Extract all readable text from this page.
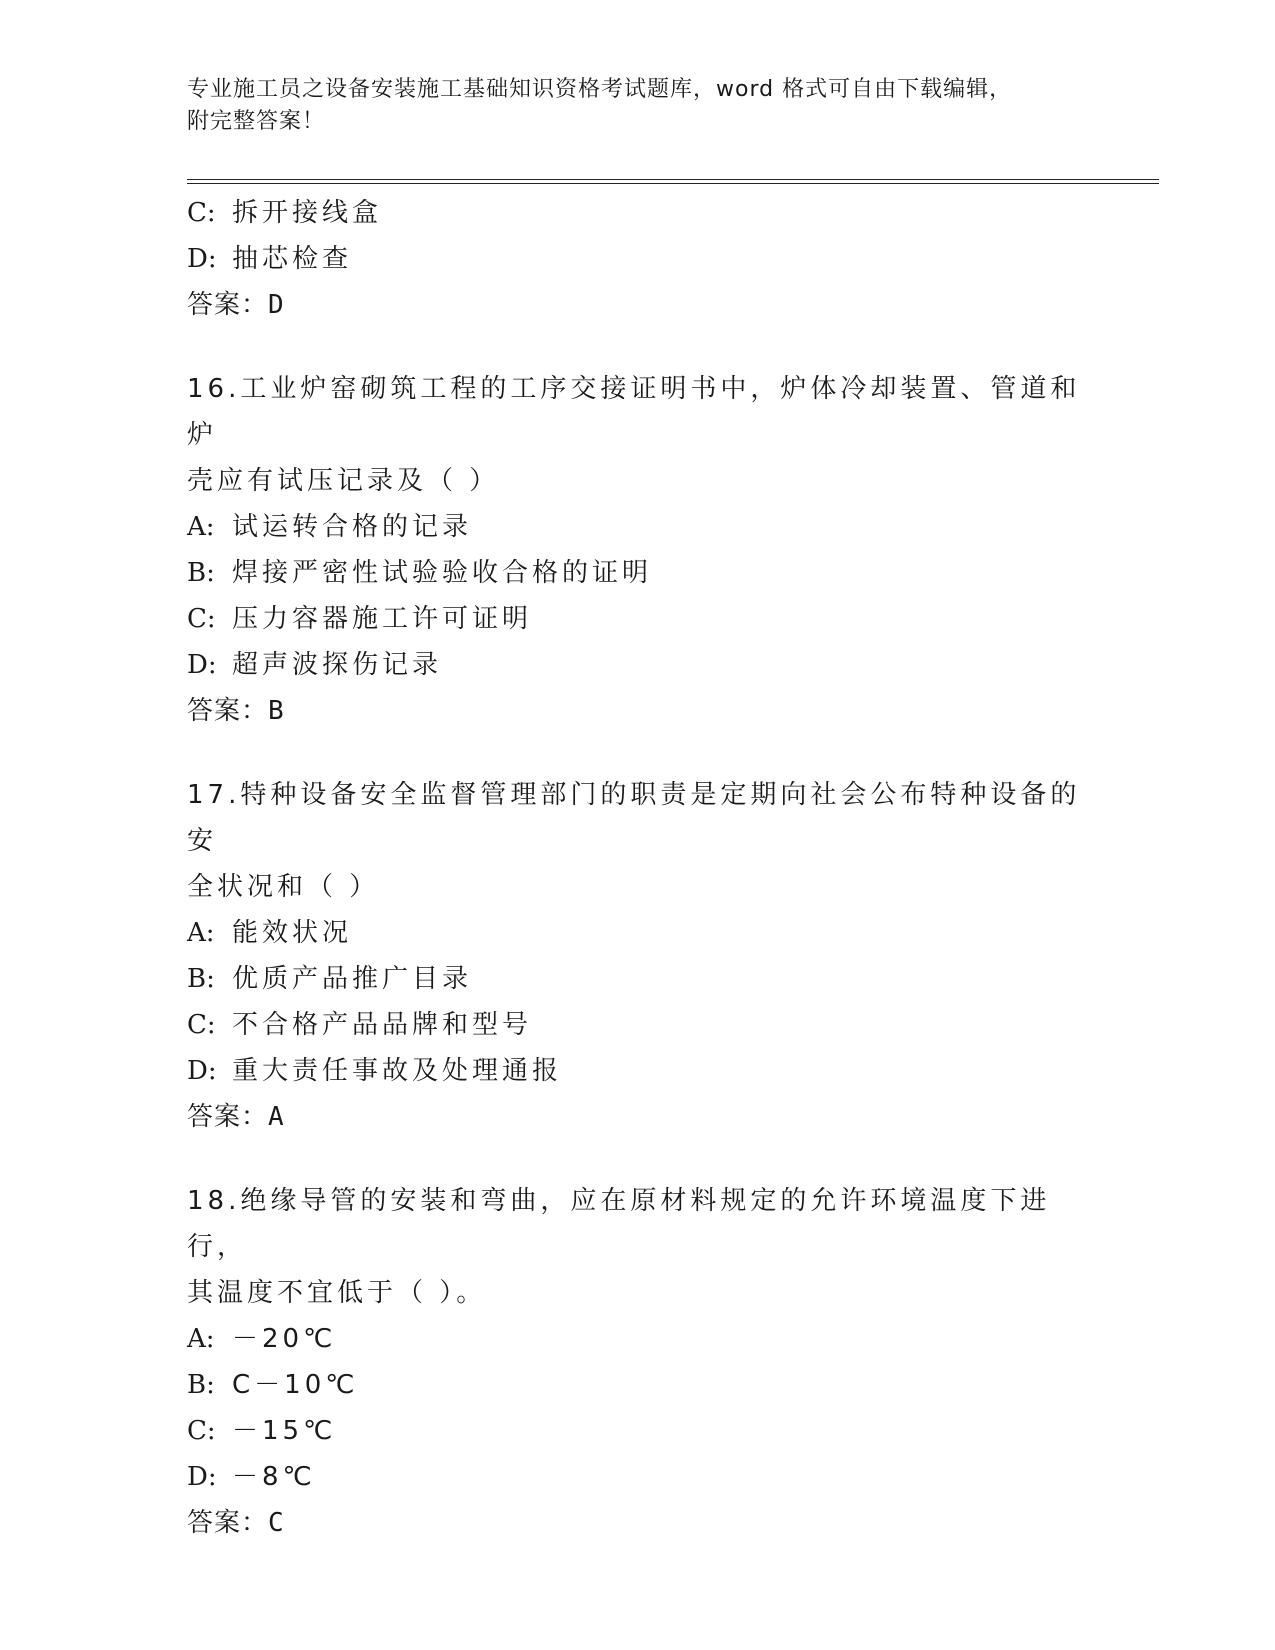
专业施工员之设备安装施工基础知识资格考试题库，word 格式可自由下载编辑，
附完整答案！
C: 拆开接线盒
D: 抽芯检查
答案：D
16.工业炉窑砌筑工程的工序交接证明书中，炉体冷却装置、管道和炉
壳应有试压记录及（ ）
A: 试运转合格的记录
B: 焊接严密性试验验收合格的证明
C: 压力容器施工许可证明
D: 超声波探伤记录
答案：B
17.特种设备安全监督管理部门的职责是定期向社会公布特种设备的安
全状况和（ ）
A: 能效状况
B: 优质产品推广目录
C: 不合格产品品牌和型号
D: 重大责任事故及处理通报
答案：A
18.绝缘导管的安装和弯曲，应在原材料规定的允许环境温度下进行，
其温度不宜低于（ ）。
A: －20℃
B: C－10℃
C: －15℃
D: －8℃
答案：C
